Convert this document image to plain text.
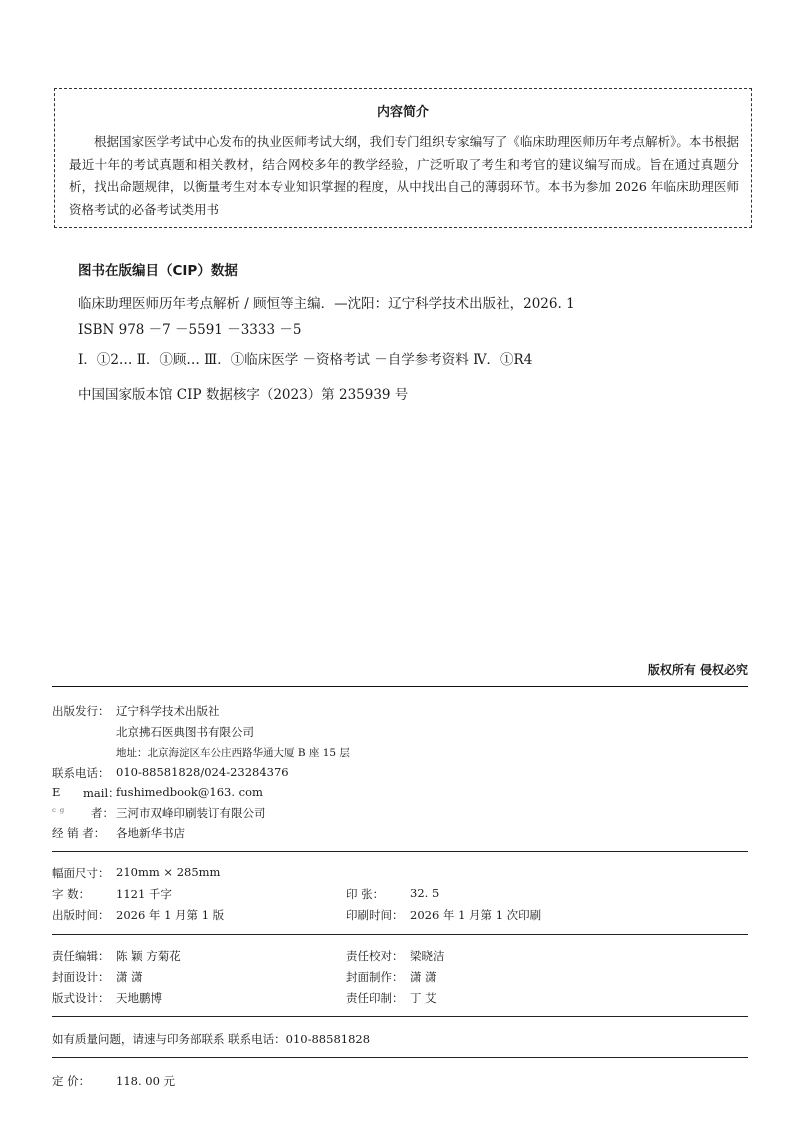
内容简介
根据国家医学考试中心发布的执业医师考试大纲，我们专门组织专家编写了《临床助理医师历年考点解析》。本书根据最近十年的考试真题和相关教材，结合网校多年的教学经验，广泛听取了考生和考官的建议编写而成。旨在通过真题分析，找出命题规律，以衡量考生对本专业知识掌握的程度，从中找出自己的薄弱环节。本书为参加 2026 年临床助理医师资格考试的必备考试类用书
图书在版编目（CIP）数据
临床助理医师历年考点解析 / 顾恒等主编．—沈阳：辽宁科学技术出版社，2026. 1
ISBN 978 －7 －5591 －3333 －5
Ⅰ．①2… Ⅱ．①顾… Ⅲ．①临床医学 －资格考试 －自学参考资料 Ⅳ．①R4
中国国家版本馆 CIP 数据核字（2023）第 235939 号
版权所有 侵权必究
出版发行： 辽宁科学技术出版社
北京拂石医典图书有限公司
地址：北京海淀区车公庄西路华通大厦 B 座 15 层
联系电话： 010-88581828/024-23284376
E mail：
fushimedbook@163. com
ᶜ ᵍ 者： 三河市双峰印刷装订有限公司
经 销 者： 各地新华书店
幅面尺寸： 210mm × 285mm
字 数： 1121 千字	印 张： 32. 5
出版时间： 2026 年 1 月第 1 版	印刷时间： 2026 年 1 月第 1 次印刷
责任编辑： 陈 颖 方菊花	责任校对： 梁晓洁
封面设计： 潇 潇	封面制作： 潇 潇
版式设计： 天地鹏博	责任印制： 丁 艾
如有质量问题，请速与印务部联系 联系电话：010-88581828
定 价： 118. 00 元
